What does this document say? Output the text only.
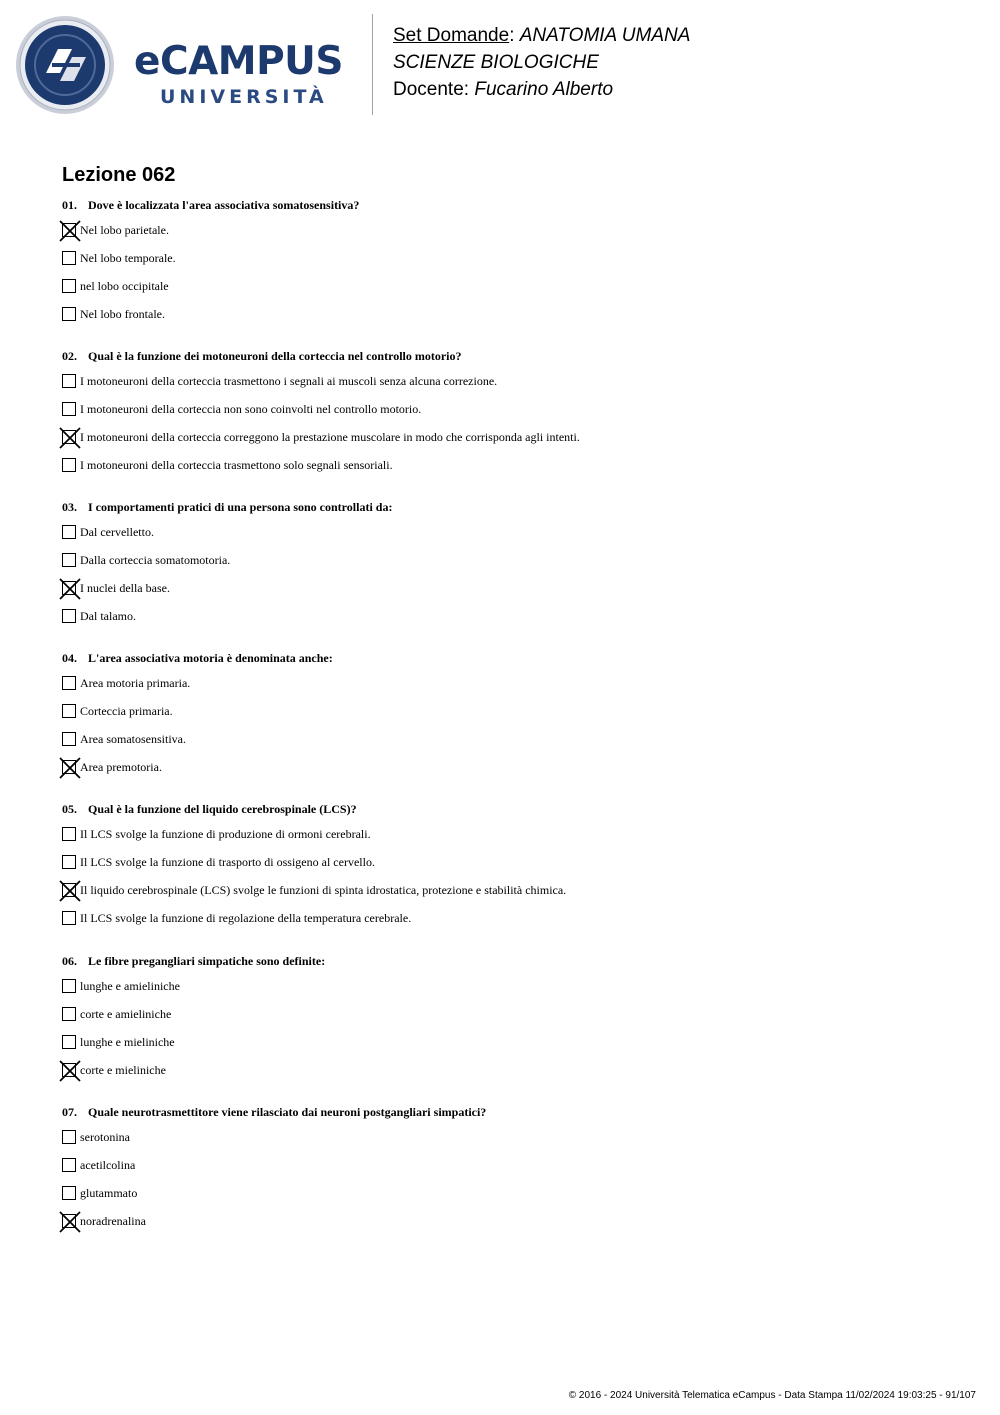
eCAMPUS
UNIVERSITÀ
Set Domande: ANATOMIA UMANA
SCIENZE BIOLOGICHE
Docente: Fucarino Alberto
Lezione 062
01. Dove è localizzata l'area associativa somatosensitiva?
Nel lobo parietale.
Nel lobo temporale.
nel lobo occipitale
Nel lobo frontale.
02. Qual è la funzione dei motoneuroni della corteccia nel controllo motorio?
I motoneuroni della corteccia trasmettono i segnali ai muscoli senza alcuna correzione.
I motoneuroni della corteccia non sono coinvolti nel controllo motorio.
I motoneuroni della corteccia correggono la prestazione muscolare in modo che corrisponda agli intenti.
I motoneuroni della corteccia trasmettono solo segnali sensoriali.
03. I comportamenti pratici di una persona sono controllati da:
Dal cervelletto.
Dalla corteccia somatomotoria.
I nuclei della base.
Dal talamo.
04. L'area associativa motoria è denominata anche:
Area motoria primaria.
Corteccia primaria.
Area somatosensitiva.
Area premotoria.
05. Qual è la funzione del liquido cerebrospinale (LCS)?
Il LCS svolge la funzione di produzione di ormoni cerebrali.
Il LCS svolge la funzione di trasporto di ossigeno al cervello.
Il liquido cerebrospinale (LCS) svolge le funzioni di spinta idrostatica, protezione e stabilità chimica.
Il LCS svolge la funzione di regolazione della temperatura cerebrale.
06. Le fibre pregangliari simpatiche sono definite:
lunghe e amieliniche
corte e amieliniche
lunghe e mieliniche
corte e mieliniche
07. Quale neurotrasmettitore viene rilasciato dai neuroni postgangliari simpatici?
serotonina
acetilcolina
glutammato
noradrenalina
© 2016 - 2024 Università Telematica eCampus - Data Stampa 11/02/2024 19:03:25 - 91/107
